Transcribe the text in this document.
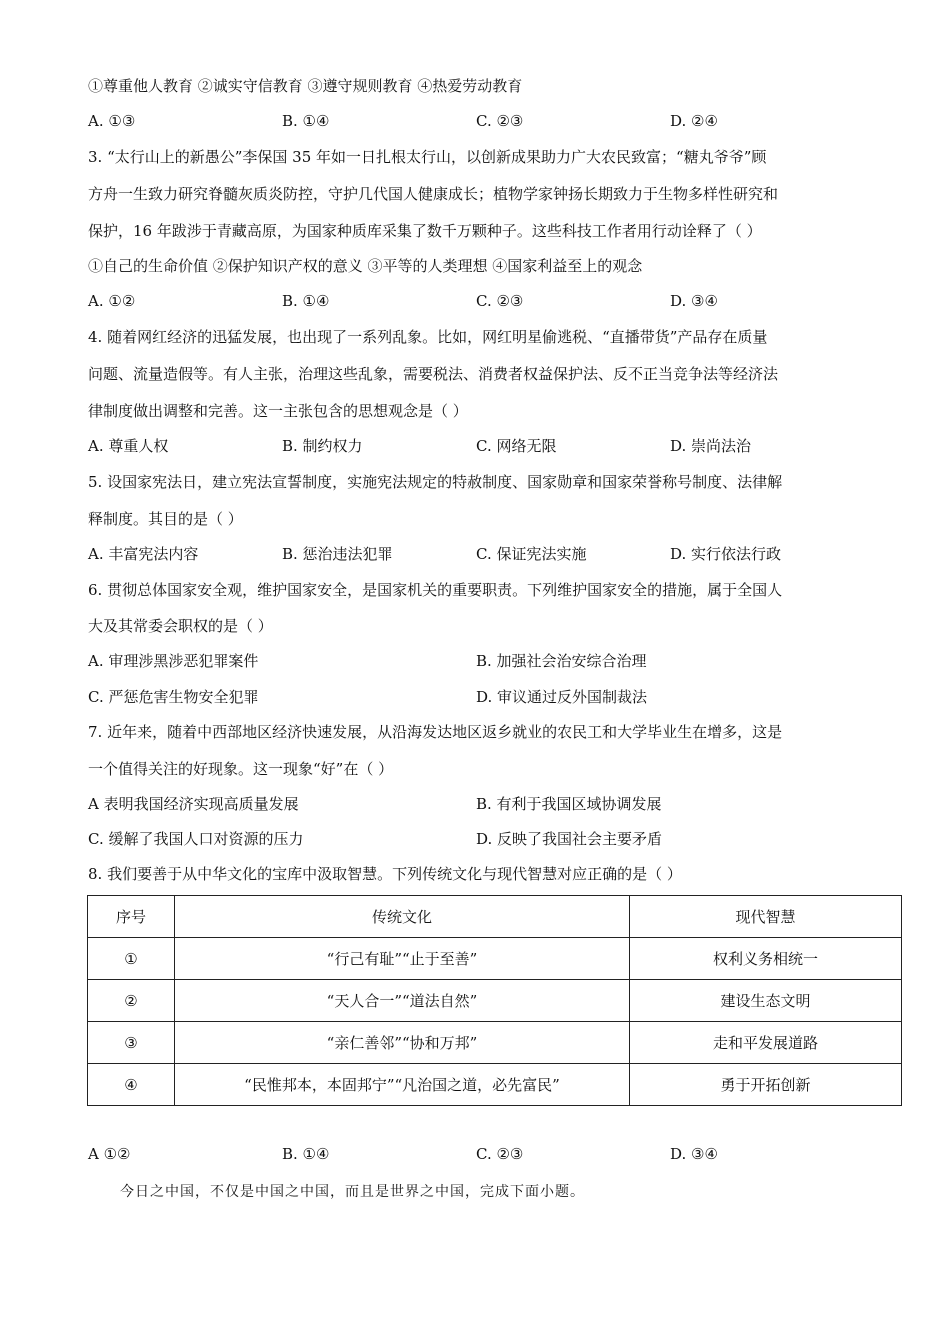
①尊重他人教育 ②诚实守信教育 ③遵守规则教育 ④热爱劳动教育
A. ①③	B. ①④	C. ②③	D. ②④
3. “太行山上的新愚公”李保国 35 年如一日扎根太行山，以创新成果助力广大农民致富；“糖丸爷爷”顾
方舟一生致力研究脊髓灰质炎防控，守护几代国人健康成长；植物学家钟扬长期致力于生物多样性研究和
保护，16 年跋涉于青藏高原，为国家种质库采集了数千万颗种子。这些科技工作者用行动诠释了（ ）
①自己的生命价值 ②保护知识产权的意义 ③平等的人类理想 ④国家利益至上的观念
A. ①②	B. ①④	C. ②③	D. ③④
4. 随着网红经济的迅猛发展，也出现了一系列乱象。比如，网红明星偷逃税、“直播带货”产品存在质量
问题、流量造假等。有人主张，治理这些乱象，需要税法、消费者权益保护法、反不正当竞争法等经济法
律制度做出调整和完善。这一主张包含的思想观念是（ ）
A. 尊重人权	B. 制约权力	C. 网络无限	D. 崇尚法治
5. 设国家宪法日，建立宪法宣誓制度，实施宪法规定的特赦制度、国家勋章和国家荣誉称号制度、法律解
释制度。其目的是（ ）
A. 丰富宪法内容	B. 惩治违法犯罪	C. 保证宪法实施	D. 实行依法行政
6. 贯彻总体国家安全观，维护国家安全，是国家机关的重要职责。下列维护国家安全的措施，属于全国人
大及其常委会职权的是（ ）
A. 审理涉黑涉恶犯罪案件	B. 加强社会治安综合治理
C. 严惩危害生物安全犯罪	D. 审议通过反外国制裁法
7. 近年来，随着中西部地区经济快速发展，从沿海发达地区返乡就业的农民工和大学毕业生在增多，这是
一个值得关注的好现象。这一现象“好”在（ ）
A 表明我国经济实现高质量发展	B. 有利于我国区域协调发展
C. 缓解了我国人口对资源的压力	D. 反映了我国社会主要矛盾
8. 我们要善于从中华文化的宝库中汲取智慧。下列传统文化与现代智慧对应正确的是（ ）
序号	传统文化	现代智慧
①	“行己有耻”“止于至善”	权利义务相统一
②	“天人合一”“道法自然”	建设生态文明
③	“亲仁善邻”“协和万邦”	走和平发展道路
④	“民惟邦本，本固邦宁”“凡治国之道，必先富民”	勇于开拓创新
A ①②	B. ①④	C. ②③	D. ③④
今日之中国，不仅是中国之中国，而且是世界之中国，完成下面小题。
